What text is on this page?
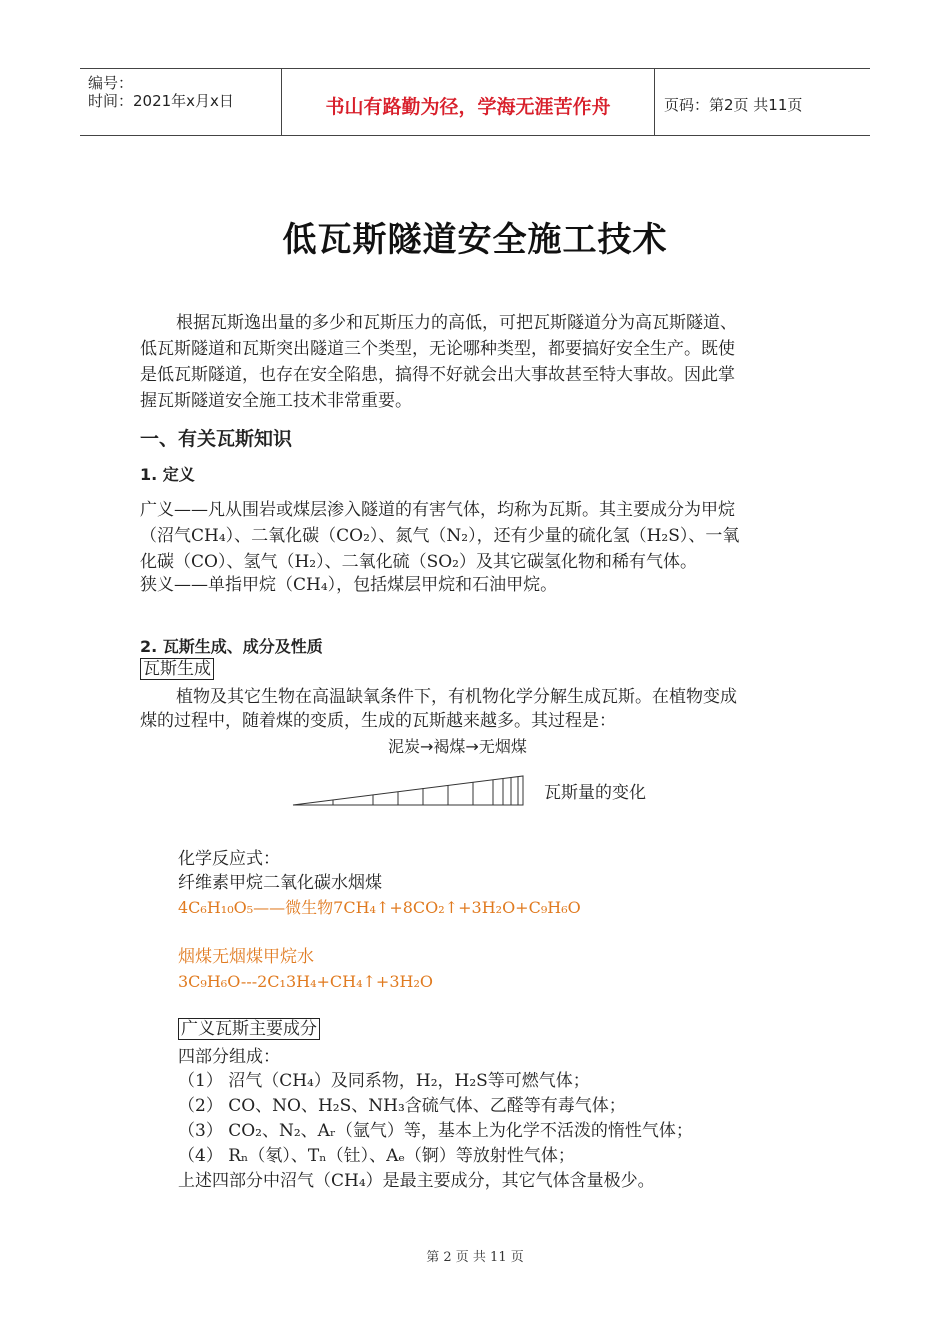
编号：
时间：2021年x月x日	书山有路勤为径，学海无涯苦作舟	页码：第2页 共11页
低瓦斯隧道安全施工技术
根据瓦斯逸出量的多少和瓦斯压力的高低，可把瓦斯隧道分为高瓦斯隧道、
低瓦斯隧道和瓦斯突出隧道三个类型，无论哪种类型，都要搞好安全生产。既使
是低瓦斯隧道，也存在安全陷患，搞得不好就会出大事故甚至特大事故。因此掌
握瓦斯隧道安全施工技术非常重要。
一、有关瓦斯知识
1. 定义
广义——凡从围岩或煤层渗入隧道的有害气体，均称为瓦斯。其主要成分为甲烷
（沼气CH₄）、二氧化碳（CO₂）、氮气（N₂），还有少量的硫化氢（H₂S）、一氧
化碳（CO）、氢气（H₂）、二氧化硫（SO₂）及其它碳氢化物和稀有气体。
狭义——单指甲烷（CH₄），包括煤层甲烷和石油甲烷。
2. 瓦斯生成、成分及性质
瓦斯生成
植物及其它生物在高温缺氧条件下，有机物化学分解生成瓦斯。在植物变成
煤的过程中，随着煤的变质，生成的瓦斯越来越多。其过程是：
泥炭→褐煤→无烟煤
瓦斯量的变化
化学反应式：
纤维素甲烷二氧化碳水烟煤
4C₆H₁₀O₅——微生物7CH₄↑+8CO₂↑+3H₂O+C₉H₆O
烟煤无烟煤甲烷水
3C₉H₆O---2C₁3H₄+CH₄↑+3H₂O
广义瓦斯主要成分
四部分组成：
（1） 沼气（CH₄）及同系物，H₂，H₂S等可燃气体；
（2） CO、NO、H₂S、NH₃含硫气体、乙醛等有毒气体；
（3） CO₂、N₂、Aᵣ（氩气）等，基本上为化学不活泼的惰性气体；
（4） Rₙ（氡）、Tₙ（钍）、Aₑ（锕）等放射性气体；
上述四部分中沼气（CH₄）是最主要成分，其它气体含量极少。
第 2 页 共 11 页
